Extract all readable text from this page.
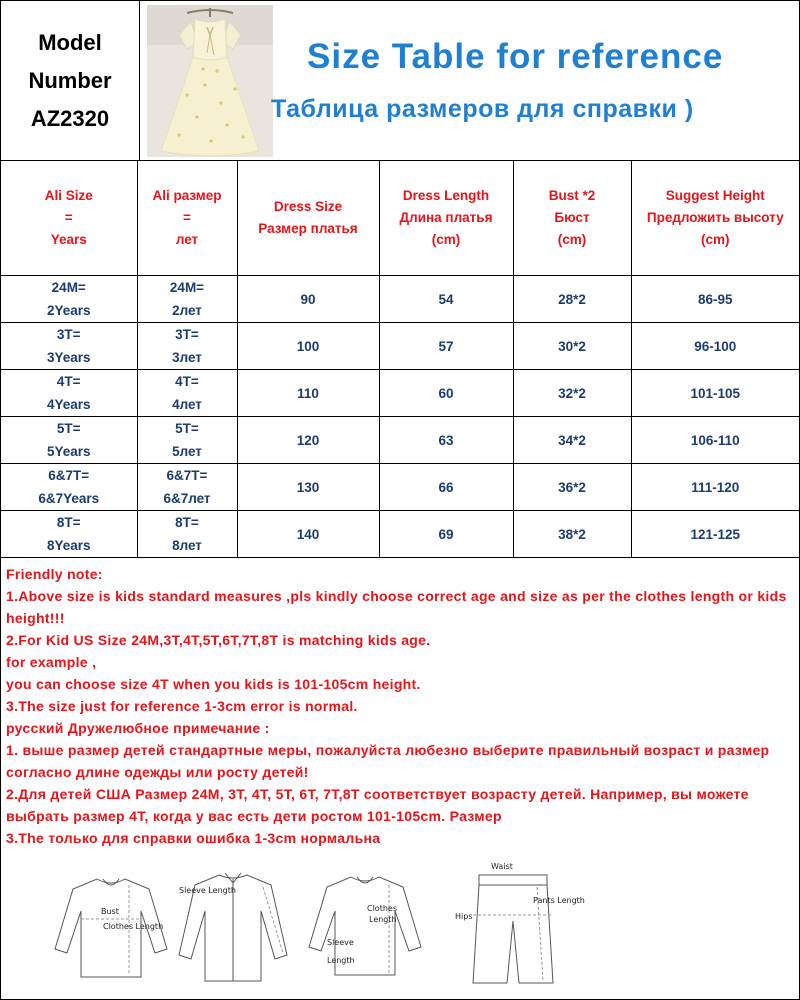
Model
Number
AZ2320
Size Table for reference
Таблица размеров для справки )
Ali Size
=
Years	Ali размер
=
лет	Dress Size
Размер платья	Dress Length
Длина платья
(cm)	Bust *2
Бюст
(cm)	Suggest Height
Предложить высоту
(cm)

24M=
2Years	24M=
2лет	90	54	28*2	86-95

3T=
3Years	3T=
3лет	100	57	30*2	96-100

4T=
4Years	4T=
4лет	110	60	32*2	101-105

5T=
5Years	5T=
5лет	120	63	34*2	106-110

6&7T=
6&7Years	6&7T=
6&7лет	130	66	36*2	111-120

8T=
8Years	8T=
8лет	140	69	38*2	121-125
Friendly note:
1.Above size is kids standard measures ,pls kindly choose correct age and size as per the clothes length or kids height!!!
2.For Kid US Size 24M,3T,4T,5T,6T,7T,8T is matching kids age.
for example ,
you can choose size 4T when you kids is 101-105cm height.
3.The size just for reference 1-3cm error is normal.
русский Дружелюбное примечание :
1. выше размер детей стандартные меры, пожалуйста любезно выберите правильный возраст и размер согласно длине одежды или росту детей!
2.Для детей США Размер 24M, 3T, 4T, 5T, 6T, 7T,8T соответствует возрасту детей. Например, вы можете выбрать размер 4T, когда у вас есть дети ростом 101-105cm. Размер
3.The только для справки ошибка 1-3cm нормальна
Bust
Clothes Length
Sleeve Length
Clothes
Length
Sleeve
Length
Waist
Hips
Pants Length
